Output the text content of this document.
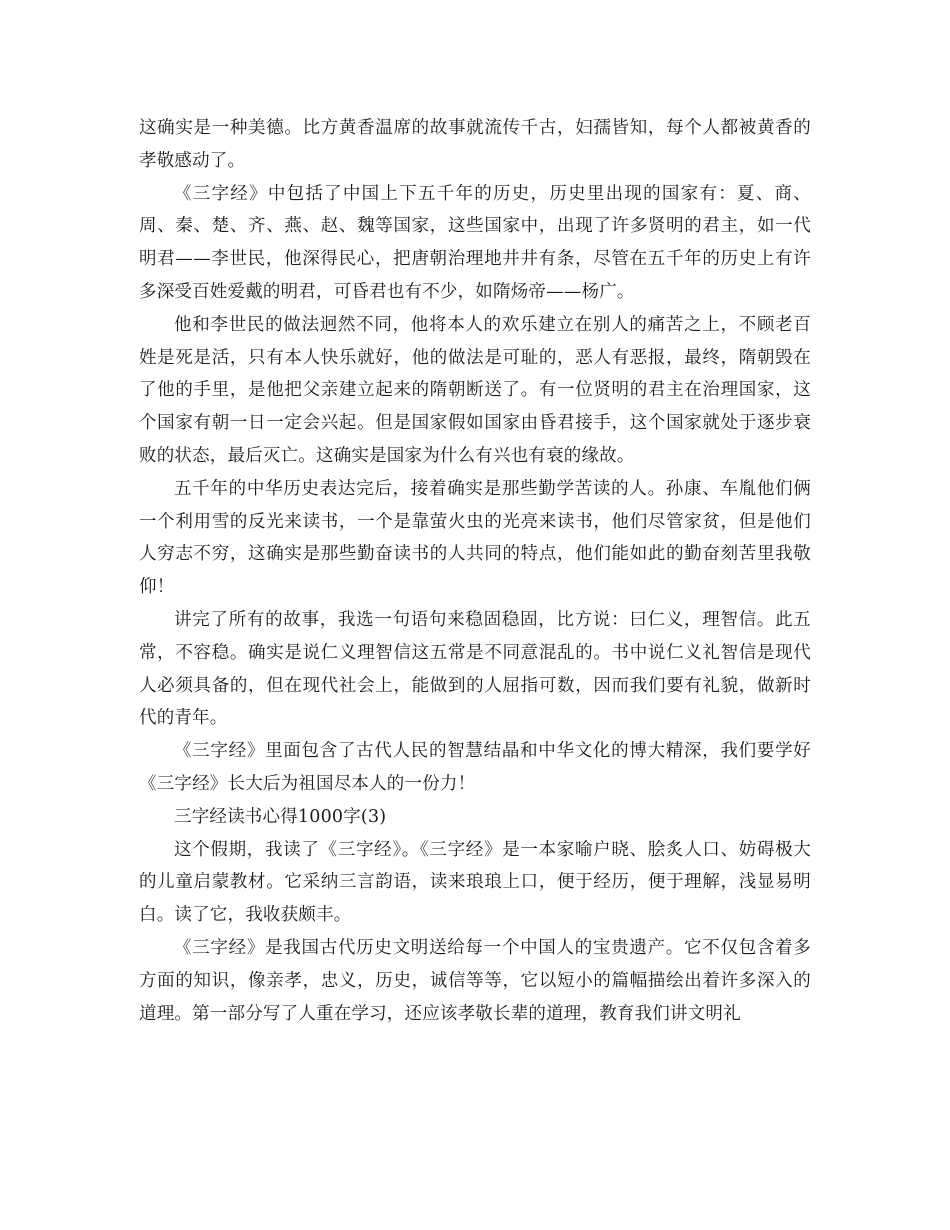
这确实是一种美德。比方黄香温席的故事就流传千古，妇孺皆知，每个人都被黄香的孝敬感动了。

《三字经》中包括了中国上下五千年的历史，历史里出现的国家有：夏、商、周、秦、楚、齐、燕、赵、魏等国家，这些国家中，出现了许多贤明的君主，如一代明君——李世民，他深得民心，把唐朝治理地井井有条，尽管在五千年的历史上有许多深受百姓爱戴的明君，可昏君也有不少，如隋炀帝——杨广。

他和李世民的做法迥然不同，他将本人的欢乐建立在别人的痛苦之上，不顾老百姓是死是活，只有本人快乐就好，他的做法是可耻的，恶人有恶报，最终，隋朝毁在了他的手里，是他把父亲建立起来的隋朝断送了。有一位贤明的君主在治理国家，这个国家有朝一日一定会兴起。但是国家假如国家由昏君接手，这个国家就处于逐步衰败的状态，最后灭亡。这确实是国家为什么有兴也有衰的缘故。

五千年的中华历史表达完后，接着确实是那些勤学苦读的人。孙康、车胤他们俩一个利用雪的反光来读书，一个是靠萤火虫的光亮来读书，他们尽管家贫，但是他们人穷志不穷，这确实是那些勤奋读书的人共同的特点，他们能如此的勤奋刻苦里我敬仰！

讲完了所有的故事，我选一句语句来稳固稳固，比方说：曰仁义，理智信。此五常，不容稳。确实是说仁义理智信这五常是不同意混乱的。书中说仁义礼智信是现代人必须具备的，但在现代社会上，能做到的人屈指可数，因而我们要有礼貌，做新时代的青年。

《三字经》里面包含了古代人民的智慧结晶和中华文化的博大精深，我们要学好《三字经》长大后为祖国尽本人的一份力！

三字经读书心得1000字(3)

这个假期，我读了《三字经》。《三字经》是一本家喻户晓、脍炙人口、妨碍极大的儿童启蒙教材。它采纳三言韵语，读来琅琅上口，便于经历，便于理解，浅显易明白。读了它，我收获颇丰。

《三字经》是我国古代历史文明送给每一个中国人的宝贵遗产。它不仅包含着多方面的知识，像亲孝，忠义，历史，诚信等等，它以短小的篇幅描绘出着许多深入的道理。第一部分写了人重在学习，还应该孝敬长辈的道理，教育我们讲文明礼
